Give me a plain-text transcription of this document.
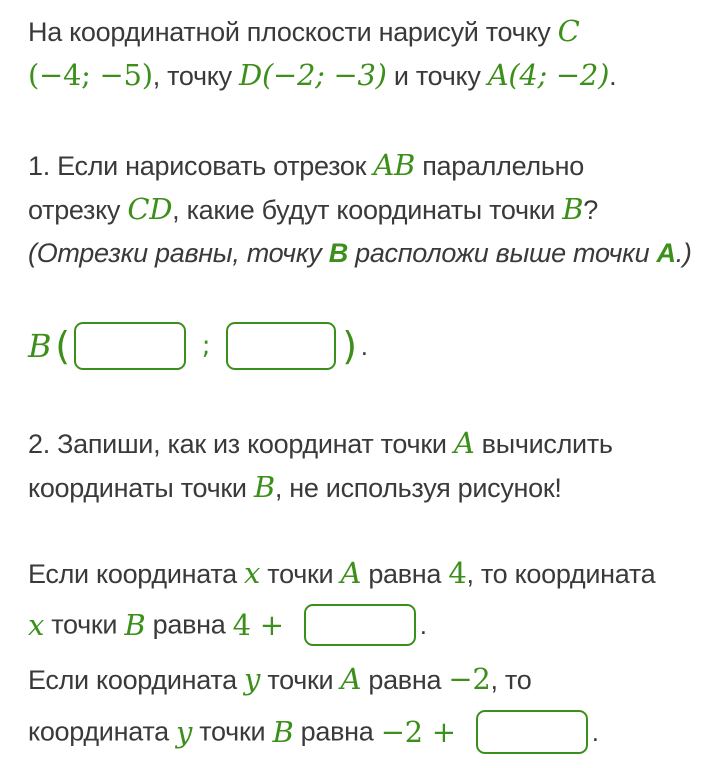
На координатной плоскости нарисуй точку C
(−4; −5), точку D(−2; −3) и точку A(4; −2).
1. Если нарисовать отрезок AB параллельно
отрезку CD, какие будут координаты точки B?
(Отрезки равны, точку B расположи выше точки A.)
B (	;	) .
2. Запиши, как из координат точки A вычислить
координаты точки B, не используя рисунок!
Если координата x точки A равна 4, то координата
x точки B равна 4 +	.
Если координата y точки A равна −2, то
координата y точки B равна −2 +	.
